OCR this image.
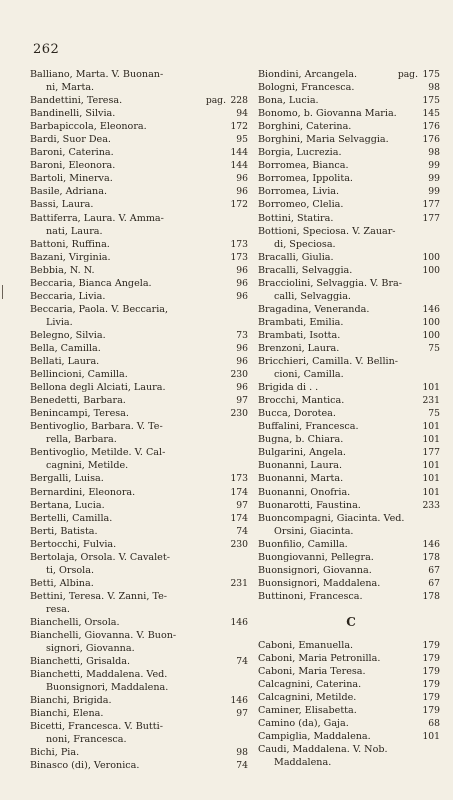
262
Balliano, Marta. V. Buonan-
ni, Marta.
Bandettini, Teresa.	pag. 228
Bandinelli, Silvia.	94
Barbapiccola, Eleonora.	172
Bardi, Suor Dea.	95
Baroni, Caterina.	144
Baroni, Eleonora.	144
Bartoli, Minerva.	96
Basile, Adriana.	96
Bassi, Laura.	172
Battiferra, Laura. V. Amma-
nati, Laura.
Battoni, Ruffina.	173
Bazani, Virginia.	173
Bebbia, N. N.	96
Beccaria, Bianca Angela.	96
Beccaria, Livia.	96
Beccaria, Paola. V. Beccaria,
Livia.
Belegno, Silvia.	73
Bella, Camilla.	96
Bellati, Laura.	96
Bellincioni, Camilla.	230
Bellona degli Alciati, Laura.	96
Benedetti, Barbara.	97
Benincampi, Teresa.	230
Bentivoglio, Barbara. V. Te-
rella, Barbara.
Bentivoglio, Metilde. V. Cal-
cagnini, Metilde.
Bergalli, Luisa.	173
Bernardini, Eleonora.	174
Bertana, Lucia.	97
Bertelli, Camilla.	174
Berti, Batista.	74
Bertocchi, Fulvia.	230
Bertolaja, Orsola. V. Cavalet-
ti, Orsola.
Betti, Albina.	231
Bettini, Teresa. V. Zanni, Te-
resa.
Bianchelli, Orsola.	146
Bianchelli, Giovanna. V. Buon-
signori, Giovanna.
Bianchetti, Grisalda.	74
Bianchetti, Maddalena. Ved.
Buonsignori, Maddalena.
Bianchi, Brigida.	146
Bianchi, Elena.	97
Bicetti, Francesca. V. Butti-
noni, Francesca.
Bichi, Pia.	98
Binasco (di), Veronica.	74
Biondini, Arcangela.	pag. 175
Bologni, Francesca.	98
Bona, Lucia.	175
Bonomo, b. Giovanna Maria.	145
Borghini, Caterina.	176
Borghini, Maria Selvaggia.	176
Borgia, Lucrezia.	98
Borromea, Bianca.	99
Borromea, Ippolita.	99
Borromea, Livia.	99
Borromeo, Clelia.	177
Bottini, Statira.	177
Bottioni, Speciosa. V. Zauar-
di, Speciosa.
Bracalli, Giulia.	100
Bracalli, Selvaggia.	100
Bracciolini, Selvaggia. V. Bra-
calli, Selvaggia.
Bragadina, Veneranda.	146
Brambati, Emilia.	100
Brambati, Isotta.	100
Brenzoni, Laura.	75
Bricchieri, Camilla. V. Bellin-
cioni, Camilla.
Brigida di . .	101
Brocchi, Mantica.	231
Bucca, Dorotea.	75
Buffalini, Francesca.	101
Bugna, b. Chiara.	101
Bulgarini, Angela.	177
Buonanni, Laura.	101
Buonanni, Marta.	101
Buonanni, Onofria.	101
Buonarotti, Faustina.	233
Buoncompagni, Giacinta. Ved.
Orsini, Giacinta.
Buonfilio, Camilla.	146
Buongiovanni, Pellegra.	178
Buonsignori, Giovanna.	67
Buonsignori, Maddalena.	67
Buttinoni, Francesca.	178
C
Caboni, Emanuella.	179
Caboni, Maria Petronilla.	179
Caboni, Maria Teresa.	179
Calcagnini, Caterina.	179
Calcagnini, Metilde.	179
Caminer, Elisabetta.	179
Camino (da), Gaja.	68
Campiglia, Maddalena.	101
Caudi, Maddalena. V. Nob.
Maddalena.
